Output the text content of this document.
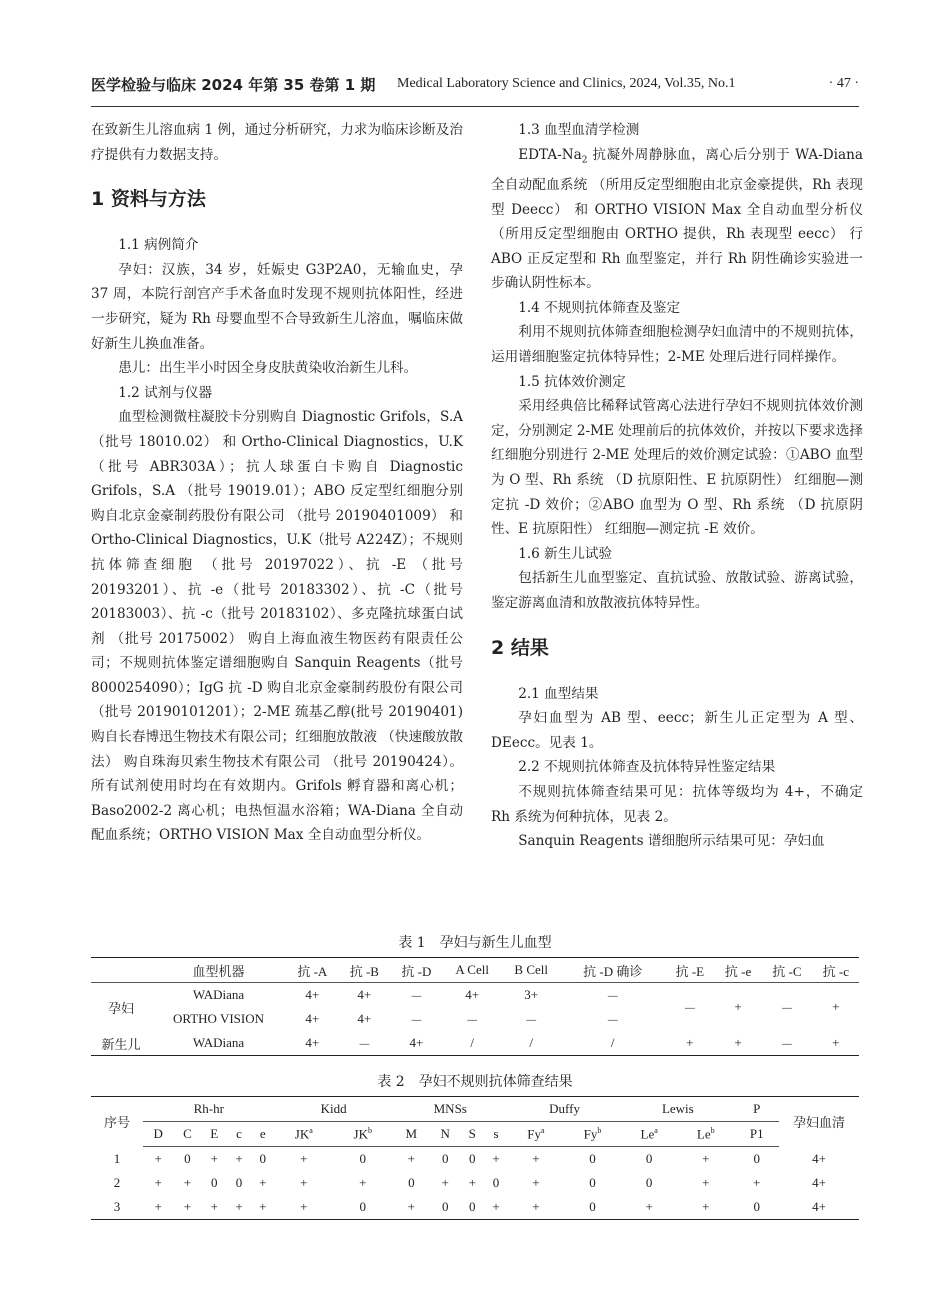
医学检验与临床 2024 年第 35 卷第 1 期 Medical Laboratory Science and Clinics, 2024, Vol.35, No.1	· 47 ·

在致新生儿溶血病 1 例，通过分析研究，力求为临床诊断及治疗提供有力数据支持。

1 资料与方法

1.1 病例简介

孕妇：汉族，34 岁，妊娠史 G3P2A0，无输血史，孕 37 周，本院行剖宫产手术备血时发现不规则抗体阳性，经进一步研究，疑为 Rh 母婴血型不合导致新生儿溶血，嘱临床做好新生儿换血准备。

患儿：出生半小时因全身皮肤黄染收治新生儿科。

1.2 试剂与仪器

血型检测微柱凝胶卡分别购自 Diagnostic Grifols，S.A （批号 18010.02） 和 Ortho-Clinical Diagnostics，U.K（批号 ABR303A）；抗人球蛋白卡购自 Diagnostic Grifols，S.A （批号 19019.01）；ABO 反定型红细胞分别购自北京金豪制药股份有限公司 （批号 20190401009） 和 Ortho-Clinical Diagnostics，U.K（批号 A224Z）；不规则抗体筛查细胞 （批号 20197022）、抗 -E （批号 20193201）、抗 -e（批号 20183302）、抗 -C（批号 20183003）、抗 -c（批号 20183102）、多克隆抗球蛋白试剂 （批号 20175002） 购自上海血液生物医药有限责任公司；不规则抗体鉴定谱细胞购自 Sanquin Reagents（批号 8000254090）；IgG 抗 -D 购自北京金豪制药股份有限公司 （批号 20190101201）；2-ME 巯基乙醇(批号 20190401) 购自长春博迅生物技术有限公司；红细胞放散液 （快速酸放散法） 购自珠海贝索生物技术有限公司 （批号 20190424）。所有试剂使用时均在有效期内。Grifols 孵育器和离心机；Baso2002-2 离心机；电热恒温水浴箱；WA-Diana 全自动配血系统；ORTHO VISION Max 全自动血型分析仪。

1.3 血型血清学检测

EDTA-$Na_2$ 抗凝外周静脉血，离心后分别于 WA-Diana 全自动配血系统 （所用反定型细胞由北京金豪提供，Rh 表现型 Deecc） 和 ORTHO VISION Max 全自动血型分析仪 （所用反定型细胞由 ORTHO 提供，Rh 表现型 eecc） 行 ABO 正反定型和 Rh 血型鉴定，并行 Rh 阴性确诊实验进一步确认阴性标本。

1.4 不规则抗体筛查及鉴定

利用不规则抗体筛查细胞检测孕妇血清中的不规则抗体，运用谱细胞鉴定抗体特异性；2-ME 处理后进行同样操作。

1.5 抗体效价测定

采用经典倍比稀释试管离心法进行孕妇不规则抗体效价测定，分别测定 2-ME 处理前后的抗体效价，并按以下要求选择红细胞分别进行 2-ME 处理后的效价测定试验：①ABO 血型为 O 型、Rh 系统 （D 抗原阳性、E 抗原阴性） 红细胞—测定抗 -D 效价；②ABO 血型为 O 型、Rh 系统 （D 抗原阴性、E 抗原阳性） 红细胞—测定抗 -E 效价。

1.6 新生儿试验

包括新生儿血型鉴定、直抗试验、放散试验、游离试验，鉴定游离血清和放散液抗体特异性。

2 结果

2.1 血型结果

孕妇血型为 AB 型、eecc；新生儿正定型为 A 型、DEecc。见表 1。

2.2 不规则抗体筛查及抗体特异性鉴定结果

不规则抗体筛查结果可见：抗体等级均为 4+，不确定 Rh 系统为何种抗体，见表 2。

Sanquin Reagents 谱细胞所示结果可见：孕妇血

表 1　孕妇与新生儿血型
	血型机器	抗 -A	抗 -B	抗 -D	A Cell	B Cell	抗 -D 确诊	抗 -E	抗 -e	抗 -C	抗 -c
孕妇	WADiana	4+	4+	－	4+	3+	－	－	+	－	+
	ORTHO VISION	4+	4+	－	－	－	－				
新生儿	WADiana	4+	－	4+	/	/	/	+	+	－	+
表 2　孕妇不规则抗体筛查结果
序号	Rh-hr					Kidd		MNSs				Duffy		Lewis		P	孕妇血清
	D	C	E	c	e	$JK^a$	$JK^b$	M	N	S	s	Fy$^a$	Fy$^b$	Le$^a$	Le$^b$	P1	
1	+	0	+	+	0	+	0	+	0	0	+	+	0	0	+	0	4+
2	+	+	0	0	+	+	+	0	+	+	0	+	0	0	+	+	4+
3	+	+	+	+	+	+	0	+	0	0	+	+	0	+	+	0	4+
